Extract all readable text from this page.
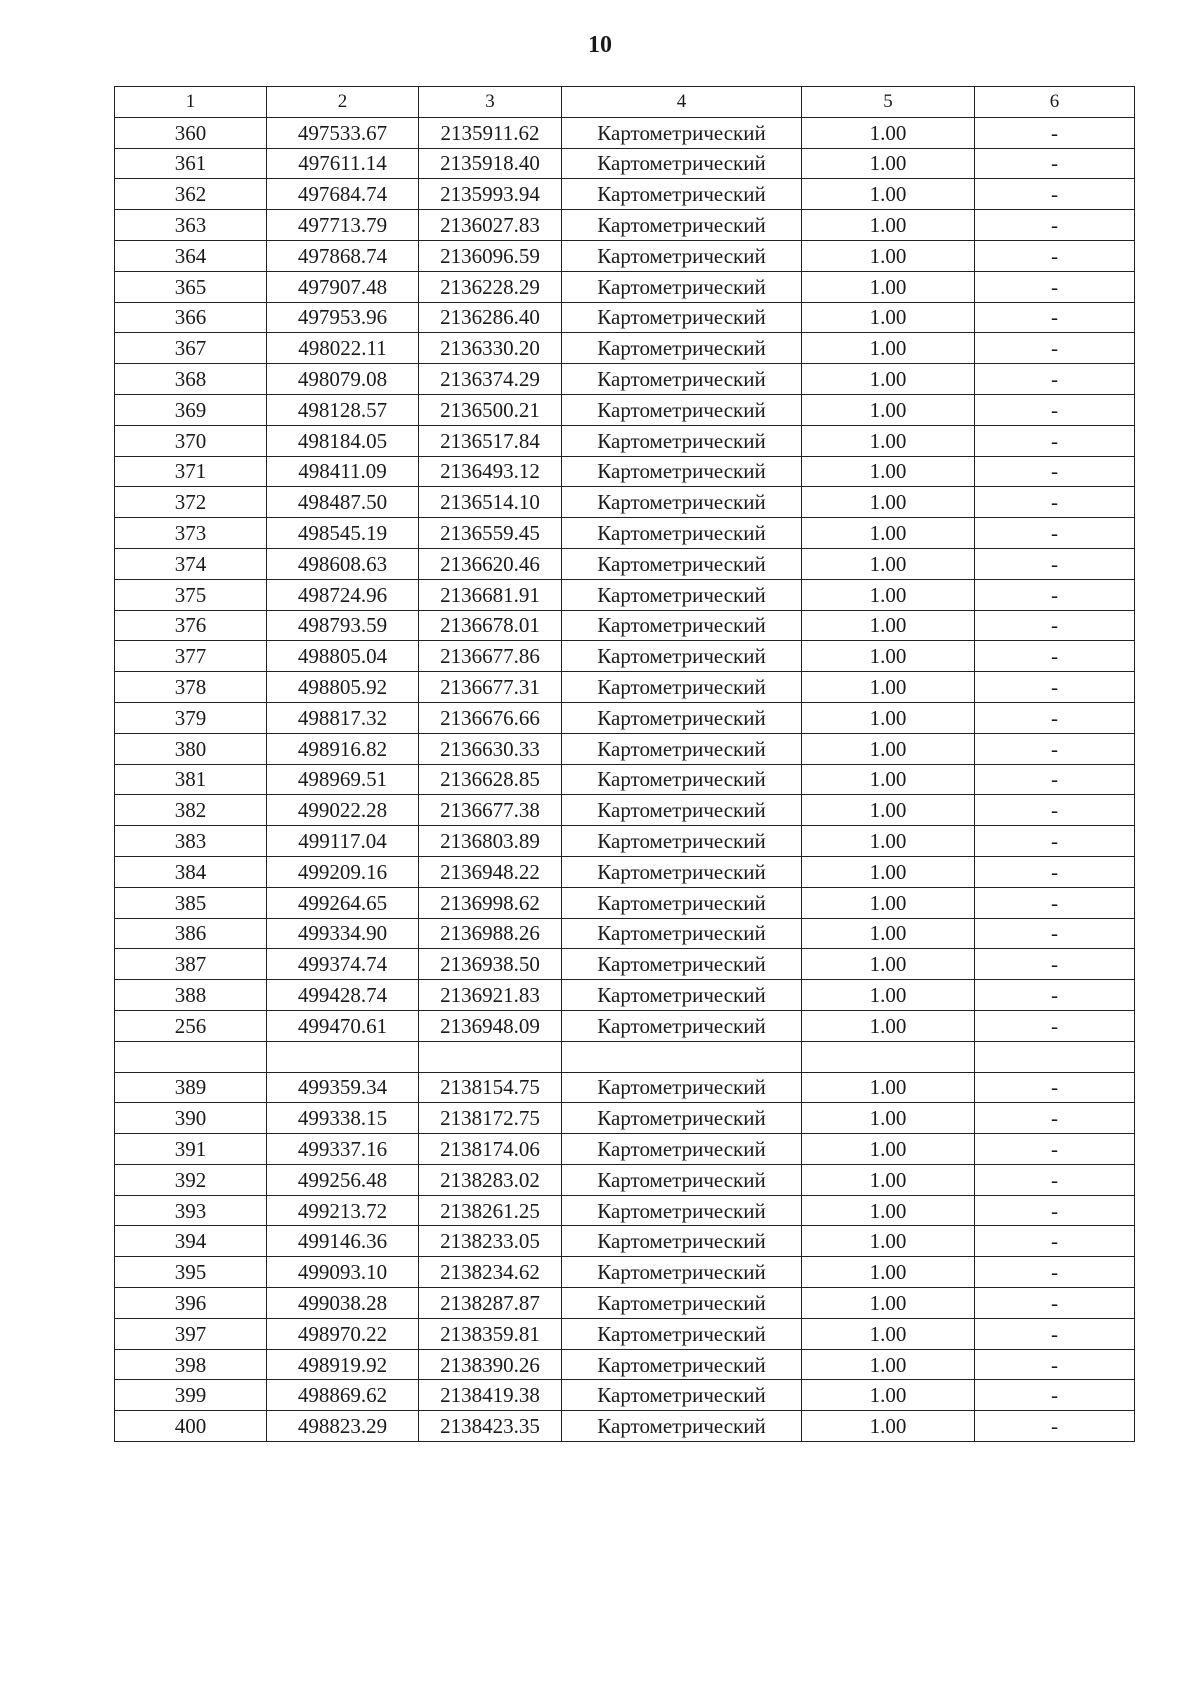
10
1	2	3	4	5	6
360	497533.67	2135911.62	Картометрический	1.00	-
361	497611.14	2135918.40	Картометрический	1.00	-
362	497684.74	2135993.94	Картометрический	1.00	-
363	497713.79	2136027.83	Картометрический	1.00	-
364	497868.74	2136096.59	Картометрический	1.00	-
365	497907.48	2136228.29	Картометрический	1.00	-
366	497953.96	2136286.40	Картометрический	1.00	-
367	498022.11	2136330.20	Картометрический	1.00	-
368	498079.08	2136374.29	Картометрический	1.00	-
369	498128.57	2136500.21	Картометрический	1.00	-
370	498184.05	2136517.84	Картометрический	1.00	-
371	498411.09	2136493.12	Картометрический	1.00	-
372	498487.50	2136514.10	Картометрический	1.00	-
373	498545.19	2136559.45	Картометрический	1.00	-
374	498608.63	2136620.46	Картометрический	1.00	-
375	498724.96	2136681.91	Картометрический	1.00	-
376	498793.59	2136678.01	Картометрический	1.00	-
377	498805.04	2136677.86	Картометрический	1.00	-
378	498805.92	2136677.31	Картометрический	1.00	-
379	498817.32	2136676.66	Картометрический	1.00	-
380	498916.82	2136630.33	Картометрический	1.00	-
381	498969.51	2136628.85	Картометрический	1.00	-
382	499022.28	2136677.38	Картометрический	1.00	-
383	499117.04	2136803.89	Картометрический	1.00	-
384	499209.16	2136948.22	Картометрический	1.00	-
385	499264.65	2136998.62	Картометрический	1.00	-
386	499334.90	2136988.26	Картометрический	1.00	-
387	499374.74	2136938.50	Картометрический	1.00	-
388	499428.74	2136921.83	Картометрический	1.00	-
256	499470.61	2136948.09	Картометрический	1.00	-

389	499359.34	2138154.75	Картометрический	1.00	-
390	499338.15	2138172.75	Картометрический	1.00	-
391	499337.16	2138174.06	Картометрический	1.00	-
392	499256.48	2138283.02	Картометрический	1.00	-
393	499213.72	2138261.25	Картометрический	1.00	-
394	499146.36	2138233.05	Картометрический	1.00	-
395	499093.10	2138234.62	Картометрический	1.00	-
396	499038.28	2138287.87	Картометрический	1.00	-
397	498970.22	2138359.81	Картометрический	1.00	-
398	498919.92	2138390.26	Картометрический	1.00	-
399	498869.62	2138419.38	Картометрический	1.00	-
400	498823.29	2138423.35	Картометрический	1.00	-
